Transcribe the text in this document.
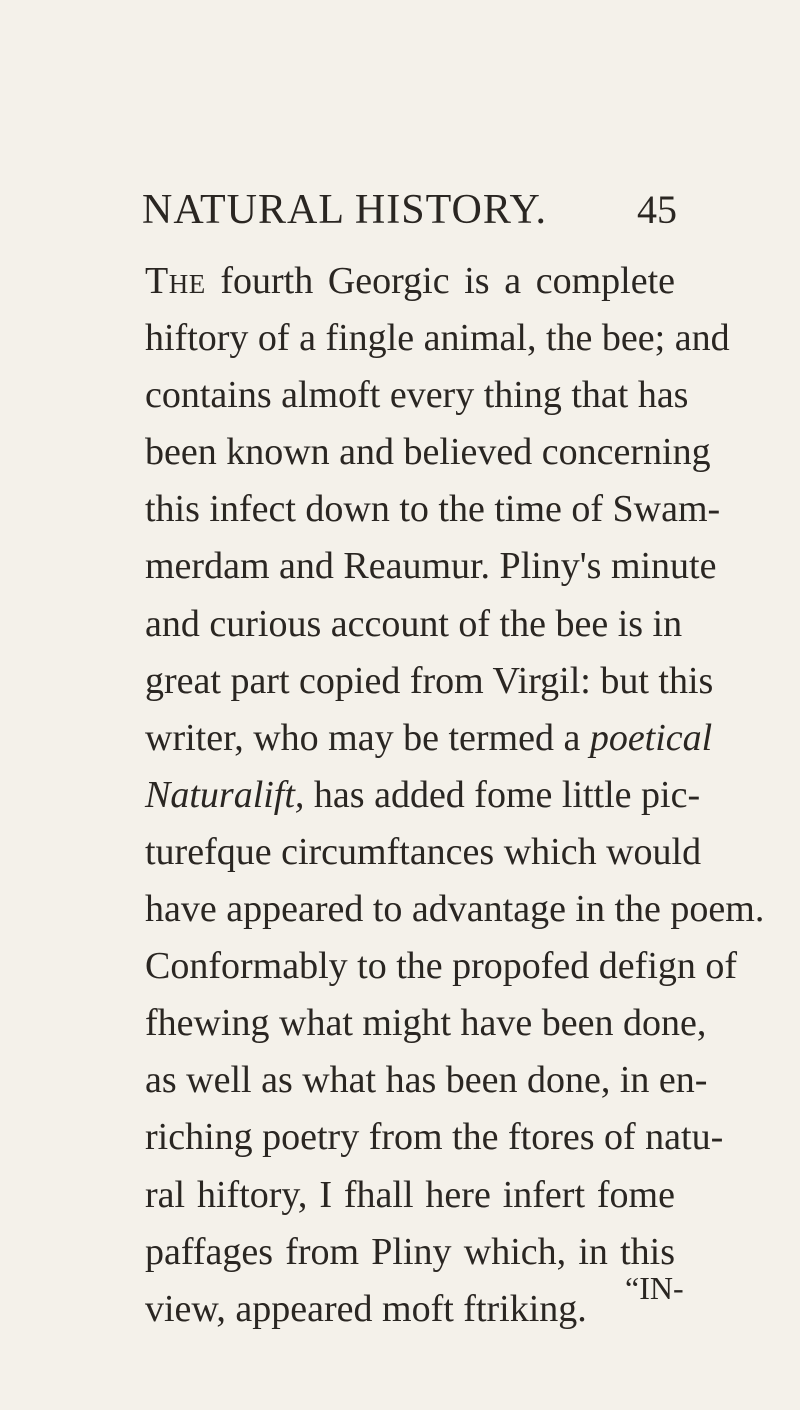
NATURAL HISTORY. 45
The fourth Georgic is a complete
hiftory of a fingle animal, the bee; and
contains almoft every thing that has
been known and believed concerning
this infect down to the time of Swam-
merdam and Reaumur. Pliny's minute
and curious account of the bee is in
great part copied from Virgil: but this
writer, who may be termed a poetical
Naturalift, has added fome little pic-
turefque circumftances which would
have appeared to advantage in the poem.
Conformably to the propofed defign of
fhewing what might have been done,
as well as what has been done, in en-
riching poetry from the ftores of natu-
ral hiftory, I fhall here infert fome
paffages from Pliny which, in this
view, appeared moft ftriking.	“IN-
